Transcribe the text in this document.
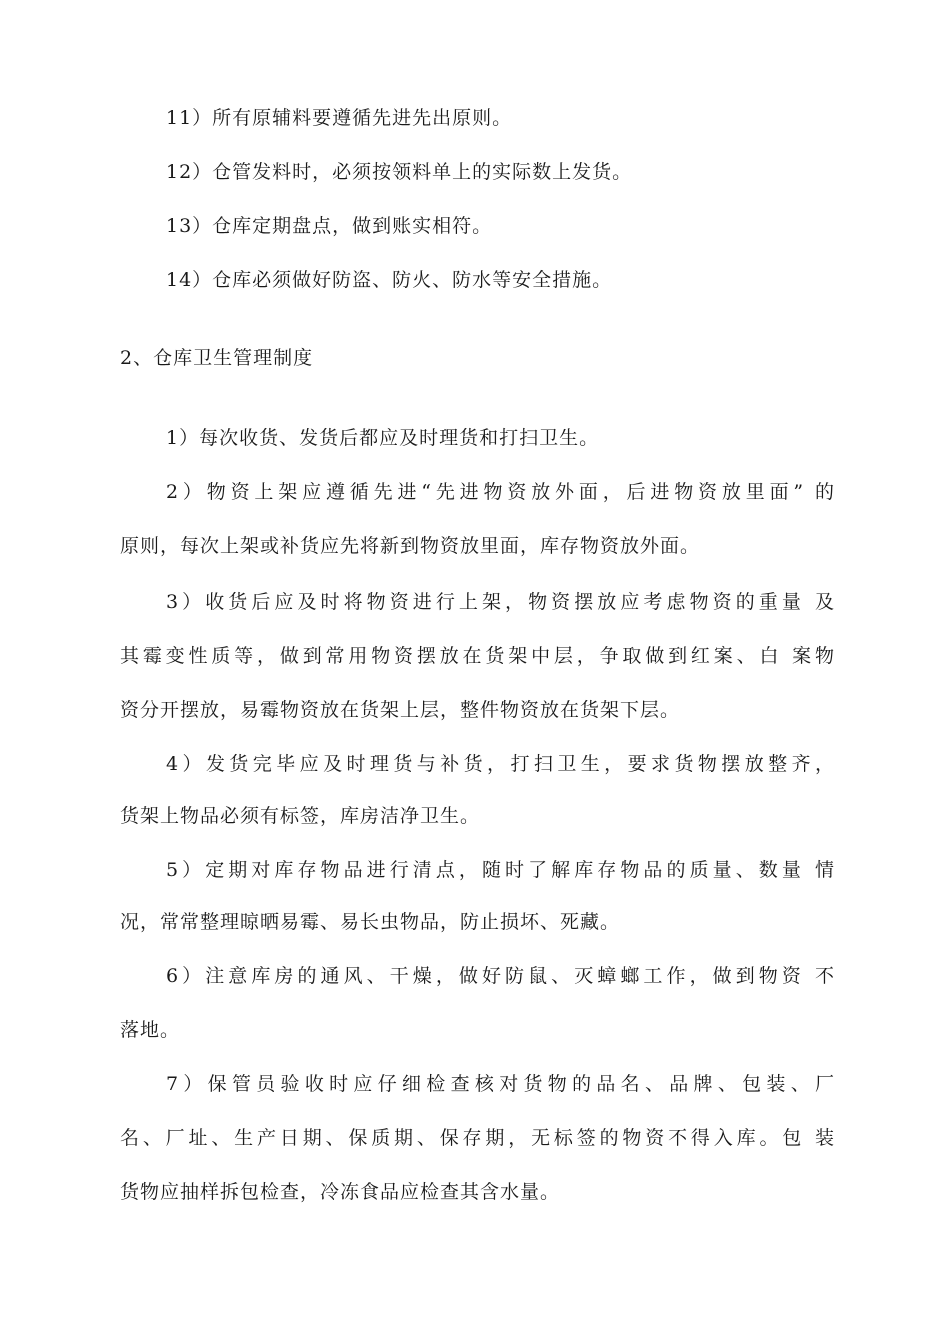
11）所有原辅料要遵循先进先出原则。
12）仓管发料时，必须按领料单上的实际数上发货。
13）仓库定期盘点，做到账实相符。
14）仓库必须做好防盗、防火、防水等安全措施。
2、仓库卫生管理制度
1）每次收货、发货后都应及时理货和打扫卫生。
2）物资上架应遵循先进“先进物资放外面，后进物资放里面” 的
原则，每次上架或补货应先将新到物资放里面，库存物资放外面。
3）收货后应及时将物资进行上架，物资摆放应考虑物资的重量 及
其霉变性质等，做到常用物资摆放在货架中层，争取做到红案、白 案物
资分开摆放，易霉物资放在货架上层，整件物资放在货架下层。
4）发货完毕应及时理货与补货，打扫卫生，要求货物摆放整齐，
货架上物品必须有标签，库房洁净卫生。
5）定期对库存物品进行清点，随时了解库存物品的质量、数量 情
况，常常整理晾晒易霉、易长虫物品，防止损坏、死藏。
6）注意库房的通风、干燥，做好防鼠、灭蟑螂工作，做到物资 不
落地。
7）保管员验收时应仔细检查核对货物的品名、品牌、包装、厂
名、厂址、生产日期、保质期、保存期，无标签的物资不得入库。包 装
货物应抽样拆包检查，冷冻食品应检查其含水量。
